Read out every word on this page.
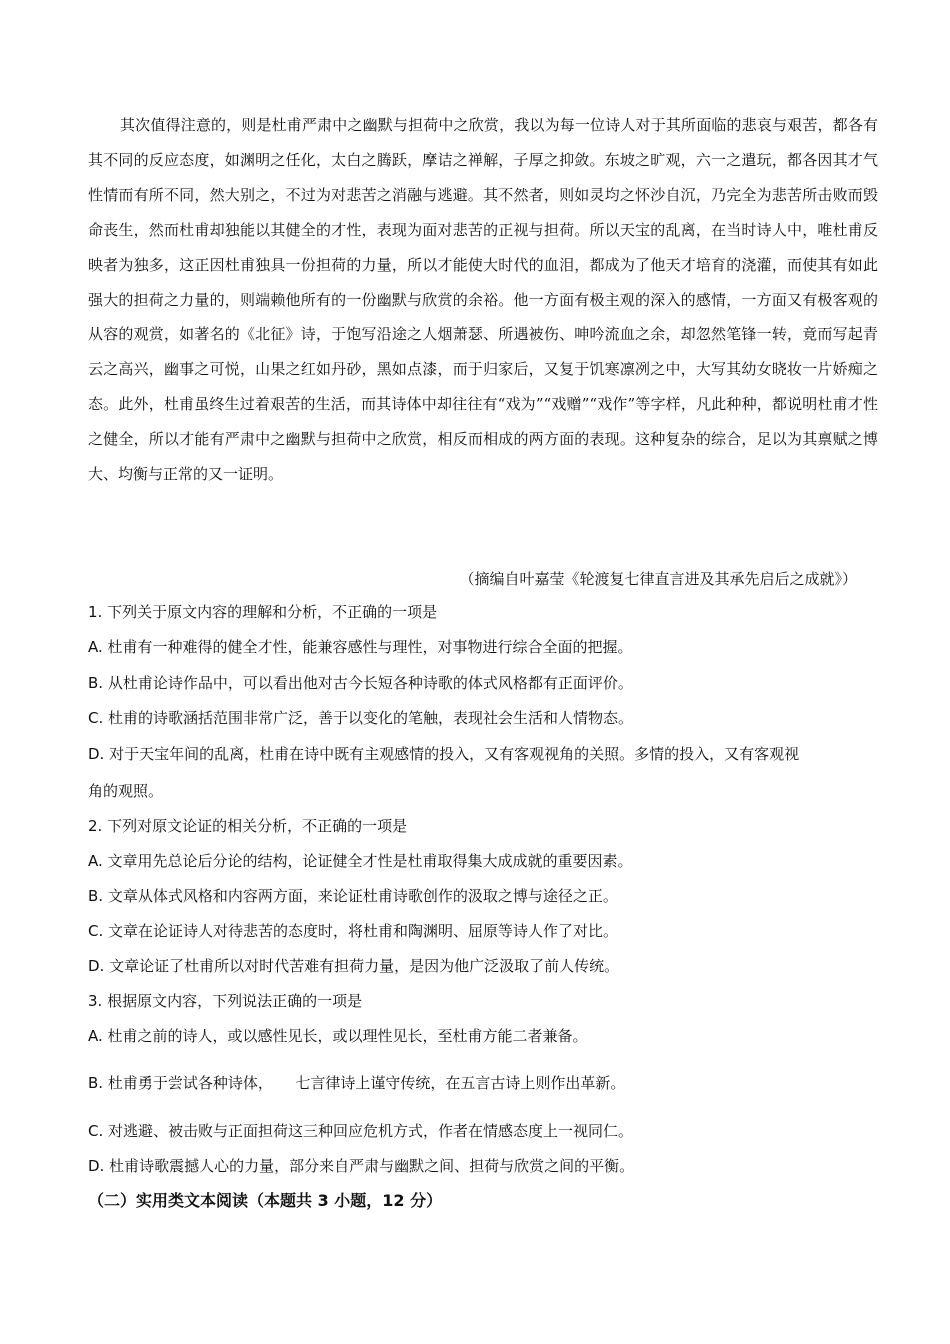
其次值得注意的，则是杜甫严肃中之幽默与担荷中之欣赏，我以为每一位诗人对于其所面临的悲哀与艰苦，都各有其不同的反应态度，如渊明之任化，太白之腾跃，摩诘之禅解，子厚之抑敛。东坡之旷观，六一之遣玩，都各因其才气性情而有所不同，然大别之，不过为对悲苦之消融与逃避。其不然者，则如灵均之怀沙自沉，乃完全为悲苦所击败而毁命丧生，然而杜甫却独能以其健全的才性，表现为面对悲苦的正视与担荷。所以天宝的乱离，在当时诗人中，唯杜甫反映者为独多，这正因杜甫独具一份担荷的力量，所以才能使大时代的血泪，都成为了他天才培育的浇灌，而使其有如此强大的担荷之力量的，则端赖他所有的一份幽默与欣赏的余裕。他一方面有极主观的深入的感情，一方面又有极客观的从容的观赏，如著名的《北征》诗，于饱写沿途之人烟萧瑟、所遇被伤、呻吟流血之余，却忽然笔锋一转，竟而写起青云之高兴，幽事之可悦，山果之红如丹砂，黑如点漆，而于归家后，又复于饥寒凛冽之中，大写其幼女晓妆一片娇痴之态。此外，杜甫虽终生过着艰苦的生活，而其诗体中却往往有“戏为”“戏赠”“戏作”等字样，凡此种种，都说明杜甫才性之健全，所以才能有严肃中之幽默与担荷中之欣赏，相反而相成的两方面的表现。这种复杂的综合，足以为其禀赋之博大、均衡与正常的又一证明。

（摘编自叶嘉莹《轮渡复七律直言进及其承先启后之成就》）

1. 下列关于原文内容的理解和分析，不正确的一项是

A. 杜甫有一种难得的健全才性，能兼容感性与理性，对事物进行综合全面的把握。

B. 从杜甫论诗作品中，可以看出他对古今长短各种诗歌的体式风格都有正面评价。

C. 杜甫的诗歌涵括范围非常广泛，善于以变化的笔触，表现社会生活和人情物态。

D. 对于天宝年间的乱离，杜甫在诗中既有主观感情的投入，又有客观视角的关照。多情的投入，又有客观视

角的观照。

2. 下列对原文论证的相关分析，不正确的一项是

A. 文章用先总论后分论的结构，论证健全才性是杜甫取得集大成成就的重要因素。

B. 文章从体式风格和内容两方面，来论证杜甫诗歌创作的汲取之博与途径之正。

C. 文章在论证诗人对待悲苦的态度时，将杜甫和陶渊明、屈原等诗人作了对比。

D. 文章论证了杜甫所以对时代苦难有担荷力量，是因为他广泛汲取了前人传统。

3. 根据原文内容，下列说法正确的一项是

A. 杜甫之前的诗人，或以感性见长，或以理性见长，至杜甫方能二者兼备。

B. 杜甫勇于尝试各种诗体，　　七言律诗上谨守传统，在五言古诗上则作出革新。

C. 对逃避、被击败与正面担荷这三种回应危机方式，作者在情感态度上一视同仁。

D. 杜甫诗歌震撼人心的力量，部分来自严肃与幽默之间、担荷与欣赏之间的平衡。

（二）实用类文本阅读（本题共 3 小题，12 分）
